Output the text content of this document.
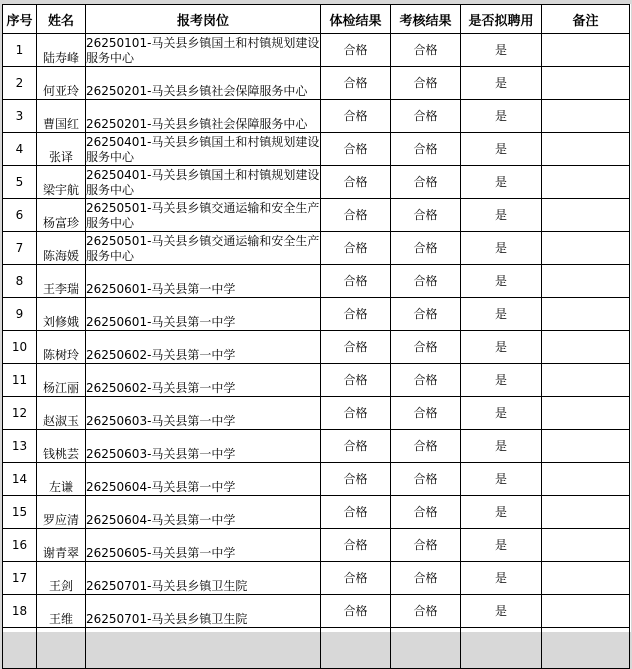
序号	姓名	报考岗位	体检结果	考核结果	是否拟聘用	备注
1	陆寿峰	26250101-马关县乡镇国土和村镇规划建设服务中心	合格	合格	是	
2	何亚玲	26250201-马关县乡镇社会保障服务中心	合格	合格	是	
3	曹国红	26250201-马关县乡镇社会保障服务中心	合格	合格	是	
4	张译	26250401-马关县乡镇国土和村镇规划建设服务中心	合格	合格	是	
5	梁宇航	26250401-马关县乡镇国土和村镇规划建设服务中心	合格	合格	是	
6	杨富珍	26250501-马关县乡镇交通运输和安全生产服务中心	合格	合格	是	
7	陈海媛	26250501-马关县乡镇交通运输和安全生产服务中心	合格	合格	是	
8	王李瑞	26250601-马关县第一中学	合格	合格	是	
9	刘修娥	26250601-马关县第一中学	合格	合格	是	
10	陈树玲	26250602-马关县第一中学	合格	合格	是	
11	杨江丽	26250602-马关县第一中学	合格	合格	是	
12	赵淑玉	26250603-马关县第一中学	合格	合格	是	
13	钱桃芸	26250603-马关县第一中学	合格	合格	是	
14	左谦	26250604-马关县第一中学	合格	合格	是	
15	罗应清	26250604-马关县第一中学	合格	合格	是	
16	谢青翠	26250605-马关县第一中学	合格	合格	是	
17	王剑	26250701-马关县乡镇卫生院	合格	合格	是	
18	王维	26250701-马关县乡镇卫生院	合格	合格	是	
